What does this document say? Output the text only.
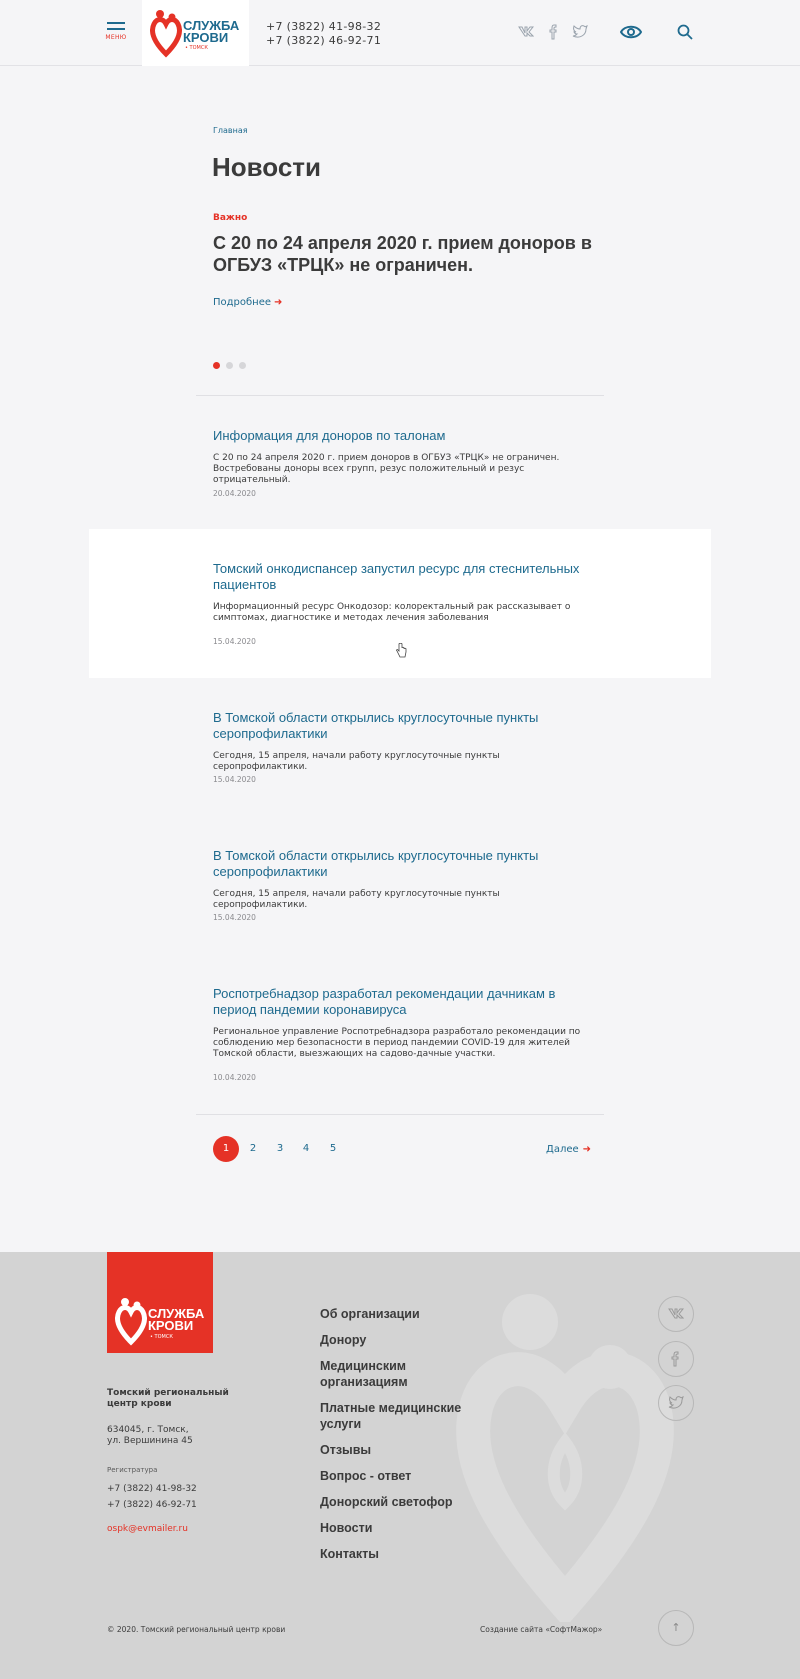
МЕНЮ
СЛУЖБА
КРОВИ
• ТОМСК
+7 (3822) 41-98-32
+7 (3822) 46-92-71
Главная
Новости
Важно
С 20 по 24 апреля 2020 г. прием доноров в ОГБУЗ «ТРЦК» не ограничен.
Подробнее ➜
Информация для доноров по талонам
С 20 по 24 апреля 2020 г. прием доноров в ОГБУЗ «ТРЦК» не ограничен. Востребованы доноры всех групп, резус положительный и резус отрицательный.
20.04.2020
Томский онкодиспансер запустил ресурс для стеснительных пациентов
Информационный ресурс Онкодозор: колоректальный рак рассказывает о симптомах, диагностике и методах лечения заболевания
15.04.2020
В Томской области открылись круглосуточные пункты серопрофилактики
Сегодня, 15 апреля, начали работу круглосуточные пункты серопрофилактики.
15.04.2020
В Томской области открылись круглосуточные пункты серопрофилактики
Сегодня, 15 апреля, начали работу круглосуточные пункты серопрофилактики.
15.04.2020
Роспотребнадзор разработал рекомендации дачникам в период пандемии коронавируса
Региональное управление Роспотребнадзора разработало рекомендации по соблюдению мер безопасности в период пандемии COVID-19 для жителей Томской области, выезжающих на садово-дачные участки.
10.04.2020
1	2	3	4	5	Далее ➜
СЛУЖБА
КРОВИ
• ТОМСК
Томский региональный центр крови
634045, г. Томск,
ул. Вершинина 45
Регистратура
+7 (3822) 41-98-32
+7 (3822) 46-92-71
ospk@evmailer.ru
Об организации
Донору
Медицинским организациям
Платные медицинские услуги
Отзывы
Вопрос - ответ
Донорский светофор
Новости
Контакты
© 2020. Томский региональный центр крови	Создание сайта «СофтМажор»	↑
